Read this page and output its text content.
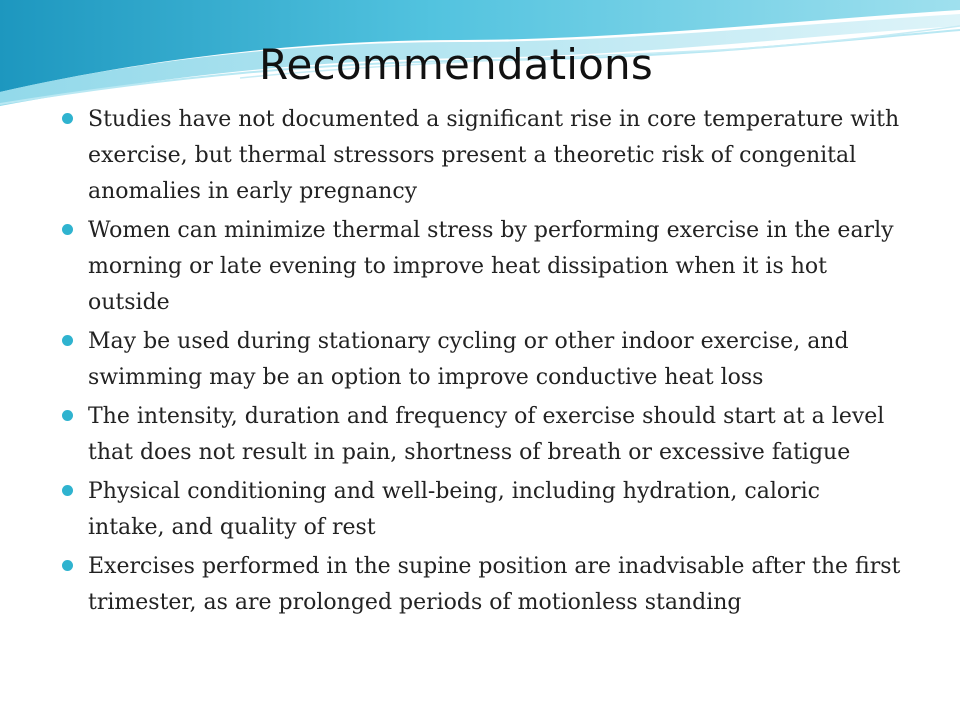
Recommendations
Studies have not documented a significant rise in core temperature with exercise, but thermal stressors present a theoretic risk of congenital anomalies in early pregnancy
Women can minimize thermal stress by performing exercise in the early morning or late evening to improve heat dissipation when it is hot outside
May be used during stationary cycling or other indoor exercise, and swimming may be an option to improve conductive heat loss
The intensity, duration and frequency of exercise should start at a level that does not result in pain, shortness of breath or excessive fatigue
Physical conditioning and well-being, including hydration, caloric intake, and quality of rest
Exercises performed in the supine position are inadvisable after the first trimester, as are prolonged periods of motionless standing
